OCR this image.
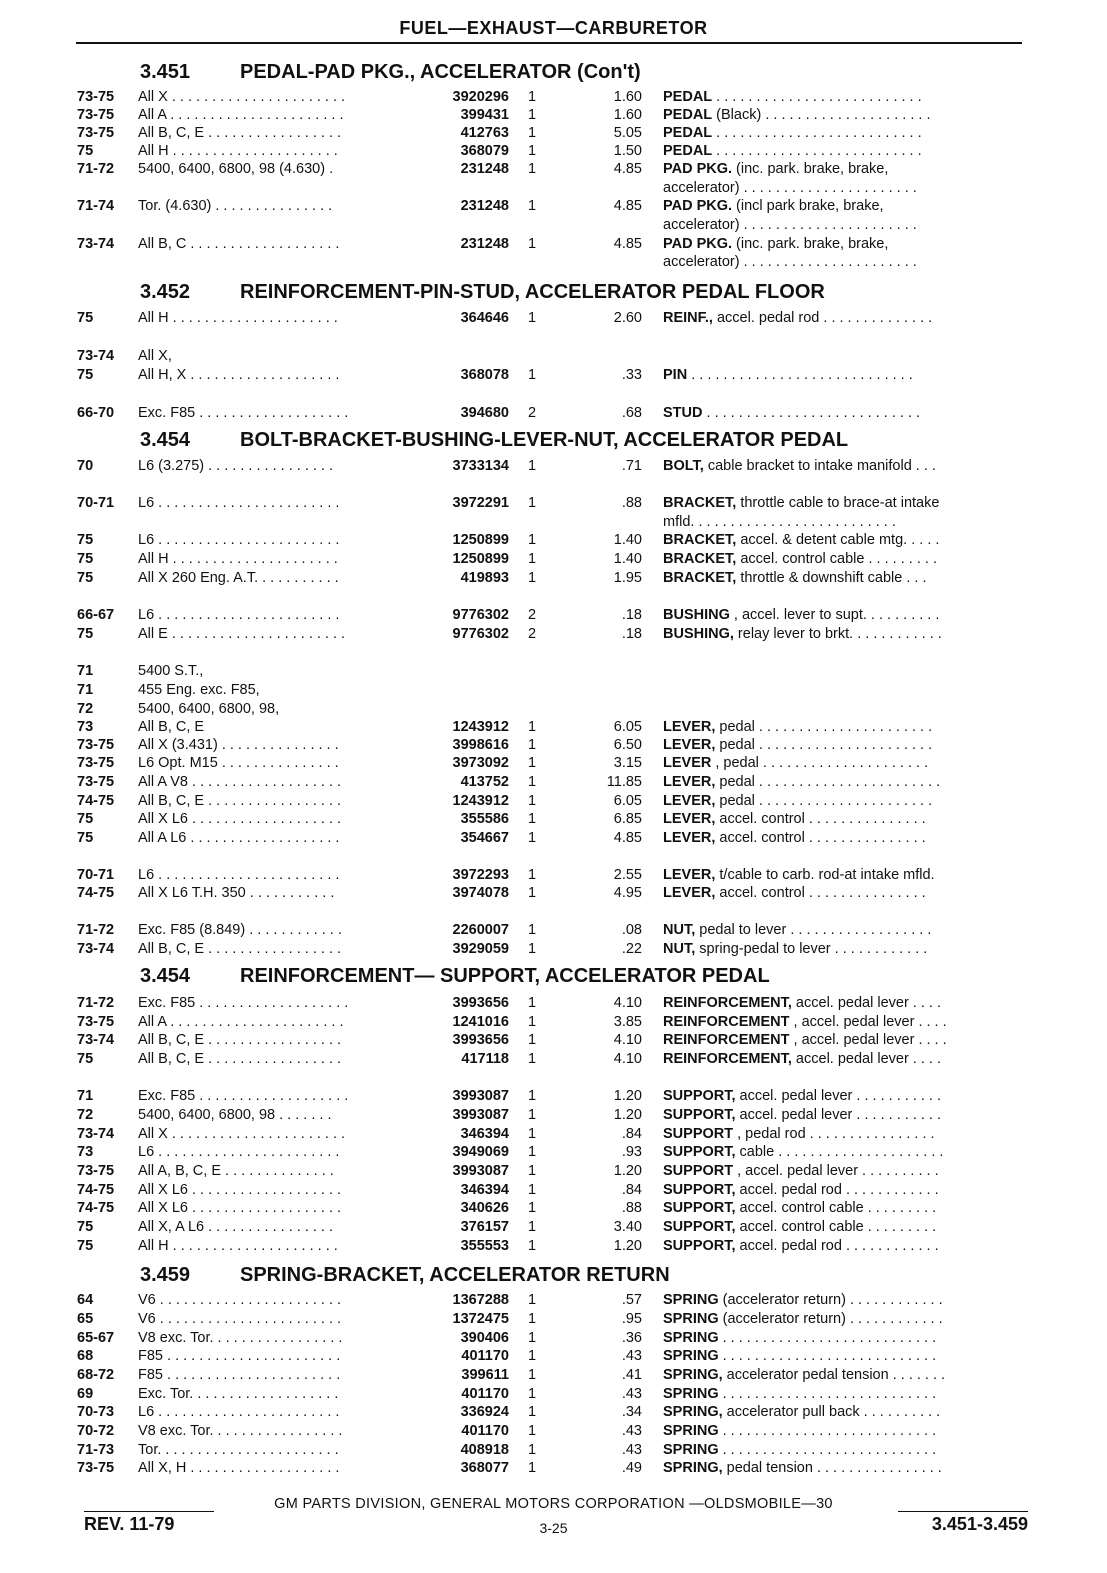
FUEL—EXHAUST—CARBURETOR
3.451 PEDAL-PAD PKG., ACCELERATOR (Con't)
73-75	All X . . . . . . . . . . . . . . . . . . . . . .	3920296 1	1.60 PEDAL . . . . . . . . . . . . . . . . . . . . . . . . . .
73-75	All A . . . . . . . . . . . . . . . . . . . . . .	399431 1	1.60 PEDAL (Black) . . . . . . . . . . . . . . . . . . . . .
73-75	All B, C, E . . . . . . . . . . . . . . . . .	412763 1	5.05 PEDAL . . . . . . . . . . . . . . . . . . . . . . . . . .
75	All H . . . . . . . . . . . . . . . . . . . . .	368079 1	1.50 PEDAL . . . . . . . . . . . . . . . . . . . . . . . . . .
71-72	5400, 6400, 6800, 98 (4.630) .	231248 1	4.85 PAD PKG. (inc. park. brake, brake,
accelerator) . . . . . . . . . . . . . . . . . . . . . .
71-74	Tor. (4.630) . . . . . . . . . . . . . . .	231248 1	4.85 PAD PKG. (incl park brake, brake,
accelerator) . . . . . . . . . . . . . . . . . . . . . .
73-74	All B, C . . . . . . . . . . . . . . . . . . .	231248 1	4.85 PAD PKG. (inc. park. brake, brake,
accelerator) . . . . . . . . . . . . . . . . . . . . . .
3.452 REINFORCEMENT-PIN-STUD, ACCELERATOR PEDAL FLOOR
75	All H . . . . . . . . . . . . . . . . . . . . .	364646 1	2.60 REINF., accel. pedal rod . . . . . . . . . . . . . .
73-74	All X,
75	All H, X . . . . . . . . . . . . . . . . . . .	368078 1	.33 PIN . . . . . . . . . . . . . . . . . . . . . . . . . . . .
66-70	Exc. F85 . . . . . . . . . . . . . . . . . . .	394680 2	.68 STUD . . . . . . . . . . . . . . . . . . . . . . . . . . .
3.454 BOLT-BRACKET-BUSHING-LEVER-NUT, ACCELERATOR PEDAL
70	L6 (3.275) . . . . . . . . . . . . . . . .	3733134 1	.71 BOLT, cable bracket to intake manifold . . .
70-71	L6 . . . . . . . . . . . . . . . . . . . . . . .	3972291 1	.88 BRACKET, throttle cable to brace-at intake
mfld. . . . . . . . . . . . . . . . . . . . . . . . . .
75	L6 . . . . . . . . . . . . . . . . . . . . . . .	1250899 1	1.40 BRACKET, accel. & detent cable mtg. . . . .
75	All H . . . . . . . . . . . . . . . . . . . . .	1250899 1	1.40 BRACKET, accel. control cable . . . . . . . . .
75	All X 260 Eng. A.T. . . . . . . . . . .	419893 1	1.95 BRACKET, throttle & downshift cable . . .
66-67	L6 . . . . . . . . . . . . . . . . . . . . . . .	9776302 2	.18 BUSHING , accel. lever to supt. . . . . . . . . .
75	All E . . . . . . . . . . . . . . . . . . . . . .	9776302 2	.18 BUSHING, relay lever to brkt. . . . . . . . . . . .
71	5400 S.T.,
71	455 Eng. exc. F85,
72	5400, 6400, 6800, 98,
73	All B, C, E	1243912 1	6.05 LEVER, pedal . . . . . . . . . . . . . . . . . . . . . .
73-75	All X (3.431) . . . . . . . . . . . . . . .	3998616 1	6.50 LEVER, pedal . . . . . . . . . . . . . . . . . . . . . .
73-75	L6 Opt. M15 . . . . . . . . . . . . . . .	3973092 1	3.15 LEVER , pedal . . . . . . . . . . . . . . . . . . . . .
73-75	All A V8 . . . . . . . . . . . . . . . . . . .	413752 1	11.85 LEVER, pedal . . . . . . . . . . . . . . . . . . . . . . .
74-75	All B, C, E . . . . . . . . . . . . . . . . .	1243912 1	6.05 LEVER, pedal . . . . . . . . . . . . . . . . . . . . . .
75	All X L6 . . . . . . . . . . . . . . . . . . .	355586 1	6.85 LEVER, accel. control . . . . . . . . . . . . . . .
75	All A L6 . . . . . . . . . . . . . . . . . . .	354667 1	4.85 LEVER, accel. control . . . . . . . . . . . . . . .
70-71	L6 . . . . . . . . . . . . . . . . . . . . . . .	3972293 1	2.55 LEVER, t/cable to carb. rod-at intake mfld.
74-75	All X L6 T.H. 350 . . . . . . . . . . .	3974078 1	4.95 LEVER, accel. control . . . . . . . . . . . . . . .
71-72	Exc. F85 (8.849) . . . . . . . . . . . .	2260007 1	.08 NUT, pedal to lever . . . . . . . . . . . . . . . . . .
73-74	All B, C, E . . . . . . . . . . . . . . . . .	3929059 1	.22 NUT, spring-pedal to lever . . . . . . . . . . . .
3.454 REINFORCEMENT— SUPPORT, ACCELERATOR PEDAL
71-72	Exc. F85 . . . . . . . . . . . . . . . . . . .	3993656 1	4.10 REINFORCEMENT, accel. pedal lever . . . .
73-75	All A . . . . . . . . . . . . . . . . . . . . . .	1241016 1	3.85 REINFORCEMENT , accel. pedal lever . . . .
73-74	All B, C, E . . . . . . . . . . . . . . . . .	3993656 1	4.10 REINFORCEMENT , accel. pedal lever . . . .
75	All B, C, E . . . . . . . . . . . . . . . . .	417118 1	4.10 REINFORCEMENT, accel. pedal lever . . . .
71	Exc. F85 . . . . . . . . . . . . . . . . . . .	3993087 1	1.20 SUPPORT, accel. pedal lever . . . . . . . . . . .
72	5400, 6400, 6800, 98 . . . . . . .	3993087 1	1.20 SUPPORT, accel. pedal lever . . . . . . . . . . .
73-74	All X . . . . . . . . . . . . . . . . . . . . . .	346394 1	.84 SUPPORT , pedal rod . . . . . . . . . . . . . . . .
73	L6 . . . . . . . . . . . . . . . . . . . . . . .	3949069 1	.93 SUPPORT, cable . . . . . . . . . . . . . . . . . . . . .
73-75	All A, B, C, E . . . . . . . . . . . . . .	3993087 1	1.20 SUPPORT , accel. pedal lever . . . . . . . . . .
74-75	All X L6 . . . . . . . . . . . . . . . . . . .	346394 1	.84 SUPPORT, accel. pedal rod . . . . . . . . . . . .
74-75	All X L6 . . . . . . . . . . . . . . . . . . .	340626 1	.88 SUPPORT, accel. control cable . . . . . . . . .
75	All X, A L6 . . . . . . . . . . . . . . . .	376157 1	3.40 SUPPORT, accel. control cable . . . . . . . . .
75	All H . . . . . . . . . . . . . . . . . . . . .	355553 1	1.20 SUPPORT, accel. pedal rod . . . . . . . . . . . .
3.459 SPRING-BRACKET, ACCELERATOR RETURN
64	V6 . . . . . . . . . . . . . . . . . . . . . . .	1367288 1	.57 SPRING (accelerator return) . . . . . . . . . . . .
65	V6 . . . . . . . . . . . . . . . . . . . . . . .	1372475 1	.95 SPRING (accelerator return) . . . . . . . . . . . .
65-67	V8 exc. Tor. . . . . . . . . . . . . . . . .	390406 1	.36 SPRING . . . . . . . . . . . . . . . . . . . . . . . . . . .
68	F85 . . . . . . . . . . . . . . . . . . . . . .	401170 1	.43 SPRING . . . . . . . . . . . . . . . . . . . . . . . . . . .
68-72	F85 . . . . . . . . . . . . . . . . . . . . . .	399611 1	.41 SPRING, accelerator pedal tension . . . . . . .
69	Exc. Tor. . . . . . . . . . . . . . . . . . .	401170 1	.43 SPRING . . . . . . . . . . . . . . . . . . . . . . . . . . .
70-73	L6 . . . . . . . . . . . . . . . . . . . . . . .	336924 1	.34 SPRING, accelerator pull back . . . . . . . . . .
70-72	V8 exc. Tor. . . . . . . . . . . . . . . . .	401170 1	.43 SPRING . . . . . . . . . . . . . . . . . . . . . . . . . . .
71-73	Tor. . . . . . . . . . . . . . . . . . . . . . .	408918 1	.43 SPRING . . . . . . . . . . . . . . . . . . . . . . . . . . .
73-75	All X, H . . . . . . . . . . . . . . . . . . .	368077 1	.49 SPRING, pedal tension . . . . . . . . . . . . . . . .
GM PARTS DIVISION, GENERAL MOTORS CORPORATION —OLDSMOBILE—30
REV. 11-79	3-25	3.451-3.459
